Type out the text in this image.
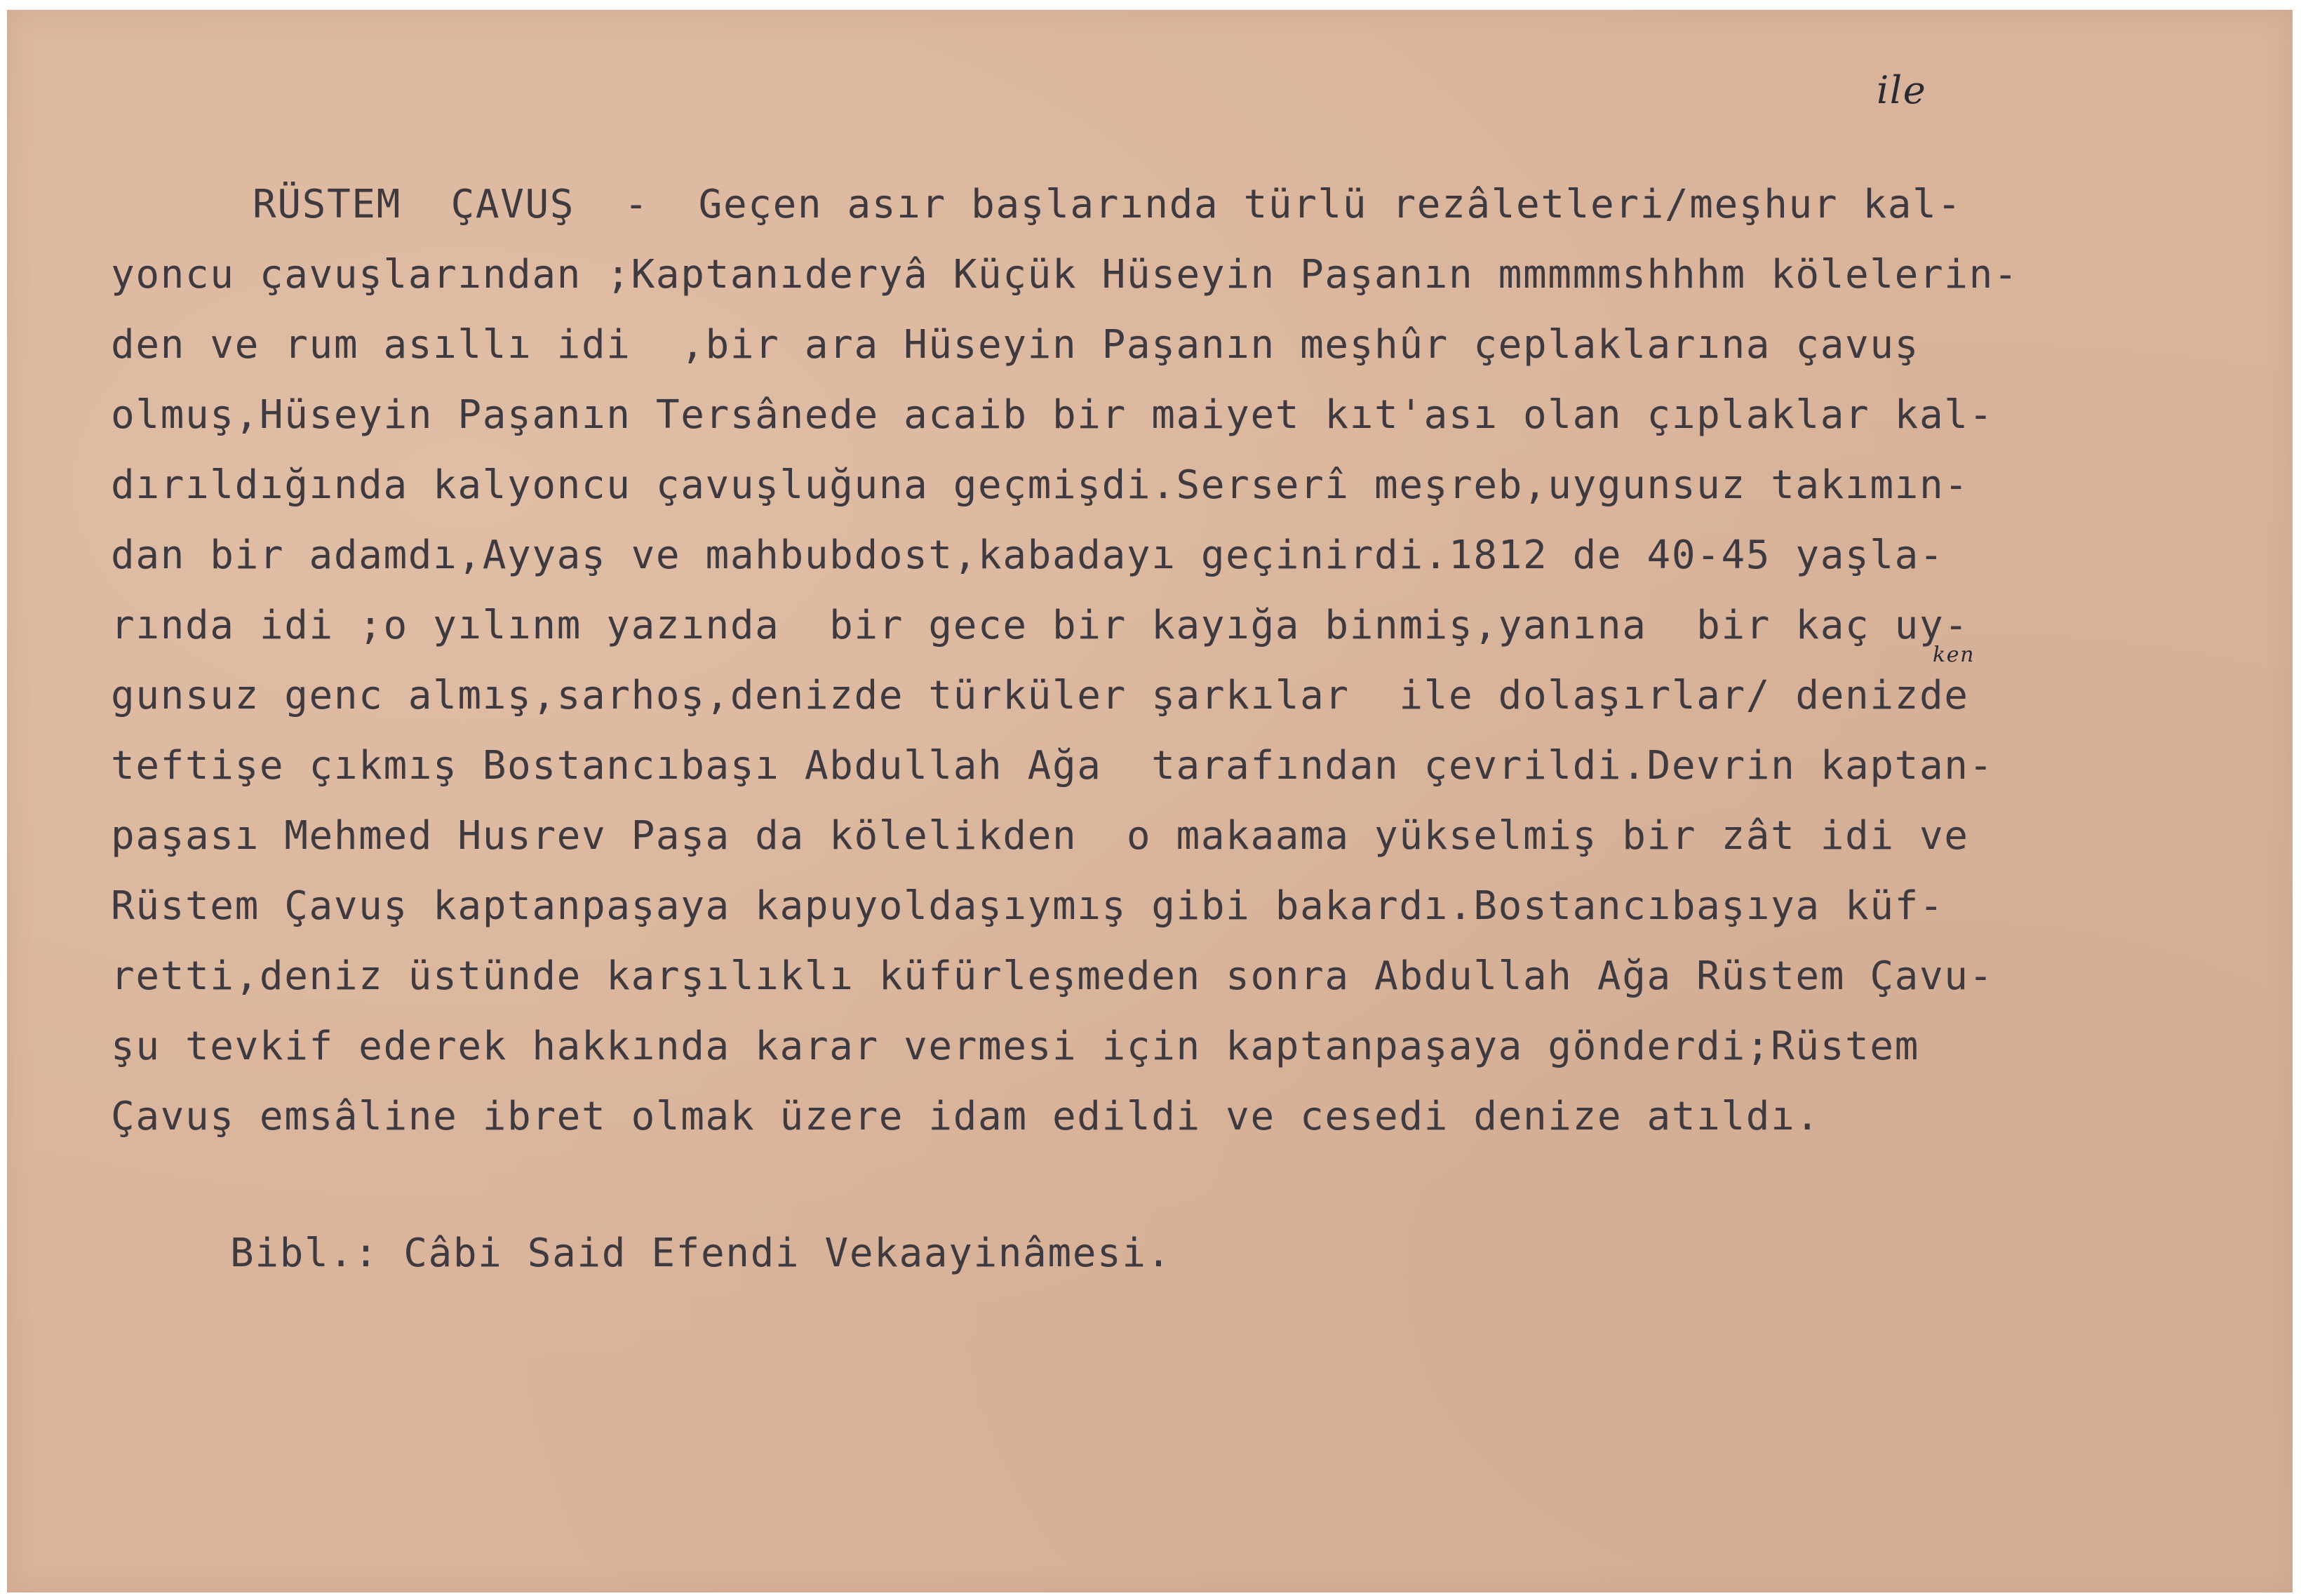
RÜSTEM  ÇAVUŞ  -  Geçen asır başlarında türlü rezâletleri/meşhur kal-
yoncu çavuşlarından ;Kaptanıderyâ Küçük Hüseyin Paşanın mmmmmshhhm kölelerin-
den ve rum asıllı idi  ,bir ara Hüseyin Paşanın meşhûr çeplaklarına çavuş
olmuş,Hüseyin Paşanın Tersânede acaib bir maiyet kıt'ası olan çıplaklar kal-
dırıldığında kalyoncu çavuşluğuna geçmişdi.Serserî meşreb,uygunsuz takımın-
dan bir adamdı,Ayyaş ve mahbubdost,kabadayı geçinirdi.1812 de 40-45 yaşla-
rında idi ;o yılınm yazında  bir gece bir kayığa binmiş,yanına  bir kaç uy-
gunsuz genc almış,sarhoş,denizde türküler şarkılar  ile dolaşırlar/ denizde
teftişe çıkmış Bostancıbaşı Abdullah Ağa  tarafından çevrildi.Devrin kaptan-
paşası Mehmed Husrev Paşa da kölelikden  o makaama yükselmiş bir zât idi ve
Rüstem Çavuş kaptanpaşaya kapuyoldaşıymış gibi bakardı.Bostancıbaşıya küf-
retti,deniz üstünde karşılıklı küfürleşmeden sonra Abdullah Ağa Rüstem Çavu-
şu tevkif ederek hakkında karar vermesi için kaptanpaşaya gönderdi;Rüstem
Çavuş emsâline ibret olmak üzere idam edildi ve cesedi denize atıldı.
Bibl.: Câbi Said Efendi Vekaayinâmesi.
ile
ken
